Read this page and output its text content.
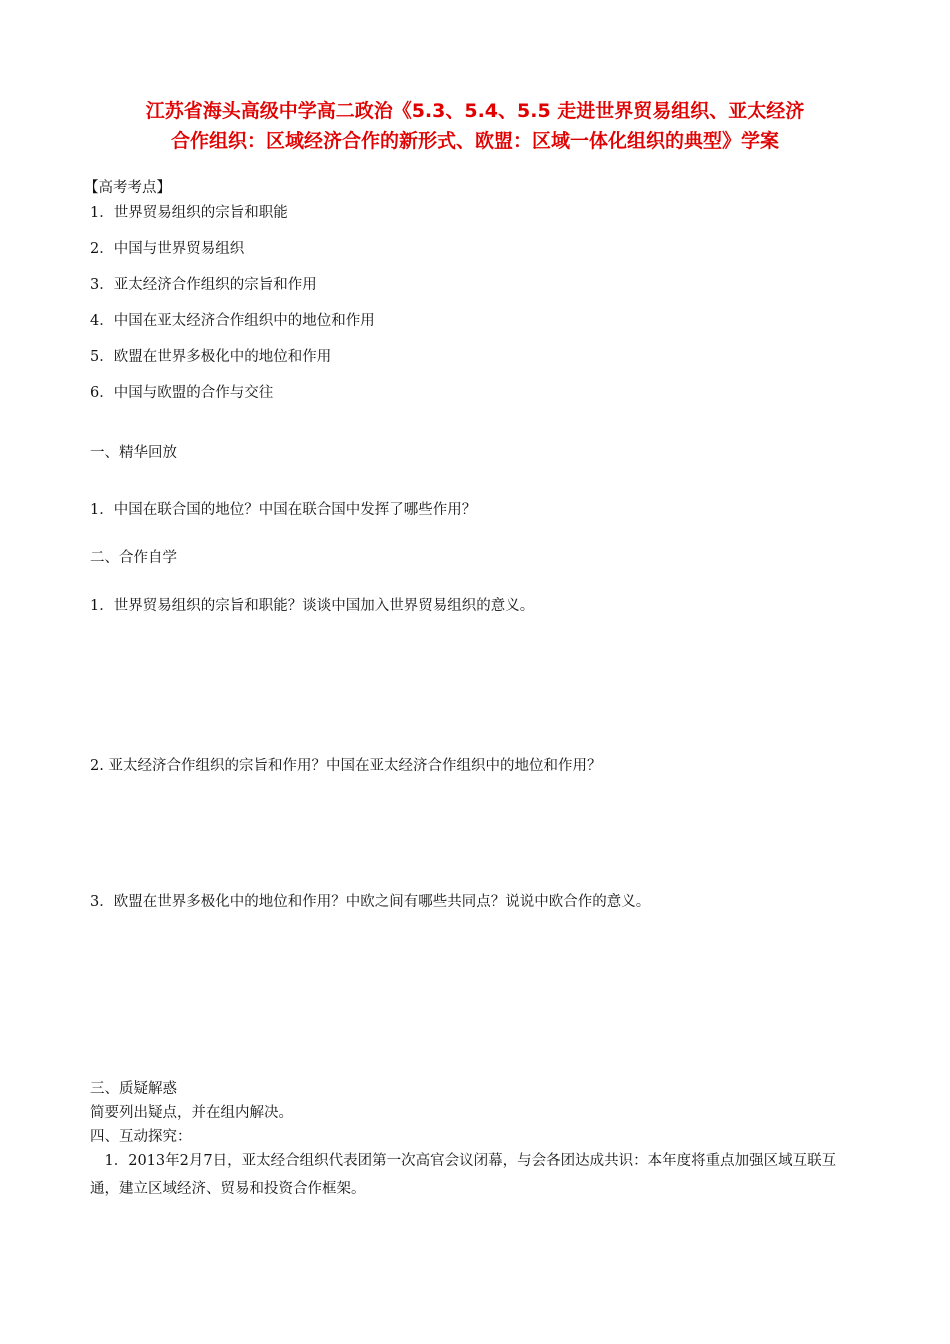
江苏省海头高级中学高二政治《5.3、5.4、5.5 走进世界贸易组织、亚太经济
合作组织：区域经济合作的新形式、欧盟：区域一体化组织的典型》学案
【高考考点】
1．世界贸易组织的宗旨和职能
2．中国与世界贸易组织
3．亚太经济合作组织的宗旨和作用
4．中国在亚太经济合作组织中的地位和作用
5．欧盟在世界多极化中的地位和作用
6．中国与欧盟的合作与交往
一、精华回放
1．中国在联合国的地位？中国在联合国中发挥了哪些作用？
二、合作自学
1．世界贸易组织的宗旨和职能？谈谈中国加入世界贸易组织的意义。
2. 亚太经济合作组织的宗旨和作用？中国在亚太经济合作组织中的地位和作用？
3．欧盟在世界多极化中的地位和作用？中欧之间有哪些共同点？说说中欧合作的意义。
三、质疑解惑
简要列出疑点，并在组内解决。
四、互动探究：
1．2013年2月7日，亚太经合组织代表团第一次高官会议闭幕，与会各团达成共识：本年度将重点加强区域互联互通，建立区域经济、贸易和投资合作框架。
